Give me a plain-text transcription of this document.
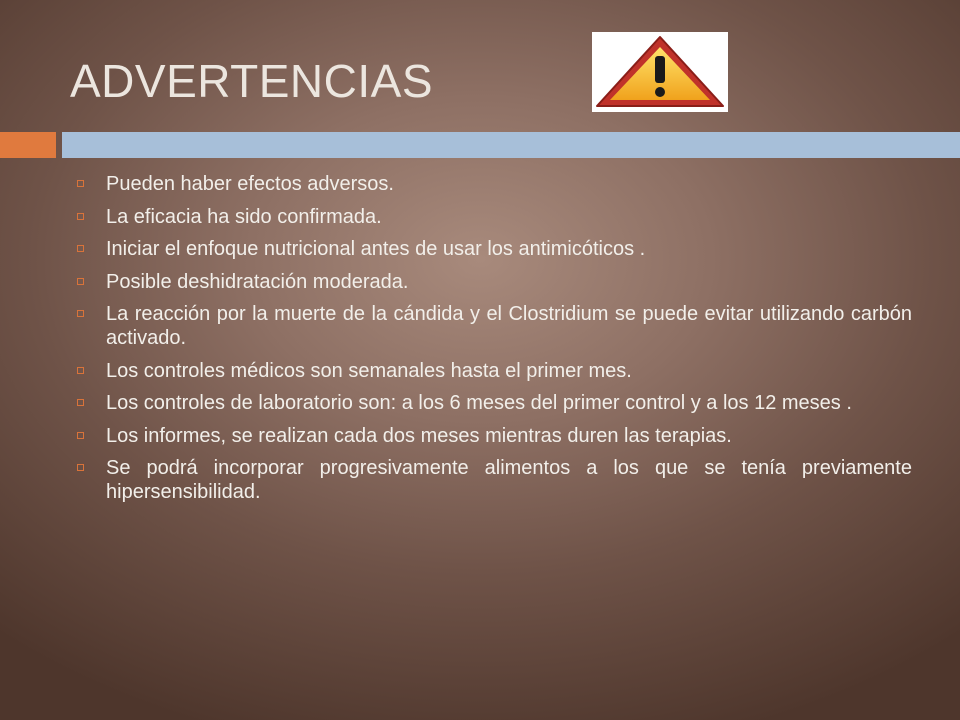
ADVERTENCIAS
Pueden haber efectos adversos.
La eficacia ha sido confirmada.
Iniciar el enfoque nutricional antes de usar los antimicóticos .
Posible deshidratación moderada.
La reacción por la muerte de la cándida y el Clostridium se puede evitar utilizando carbón activado.
Los controles médicos son semanales hasta el primer mes.
Los controles de laboratorio son: a los 6 meses del primer control y a los 12 meses .
Los informes, se realizan cada dos meses mientras duren las terapias.
Se podrá incorporar progresivamente alimentos a los que se tenía previamente hipersensibilidad.
